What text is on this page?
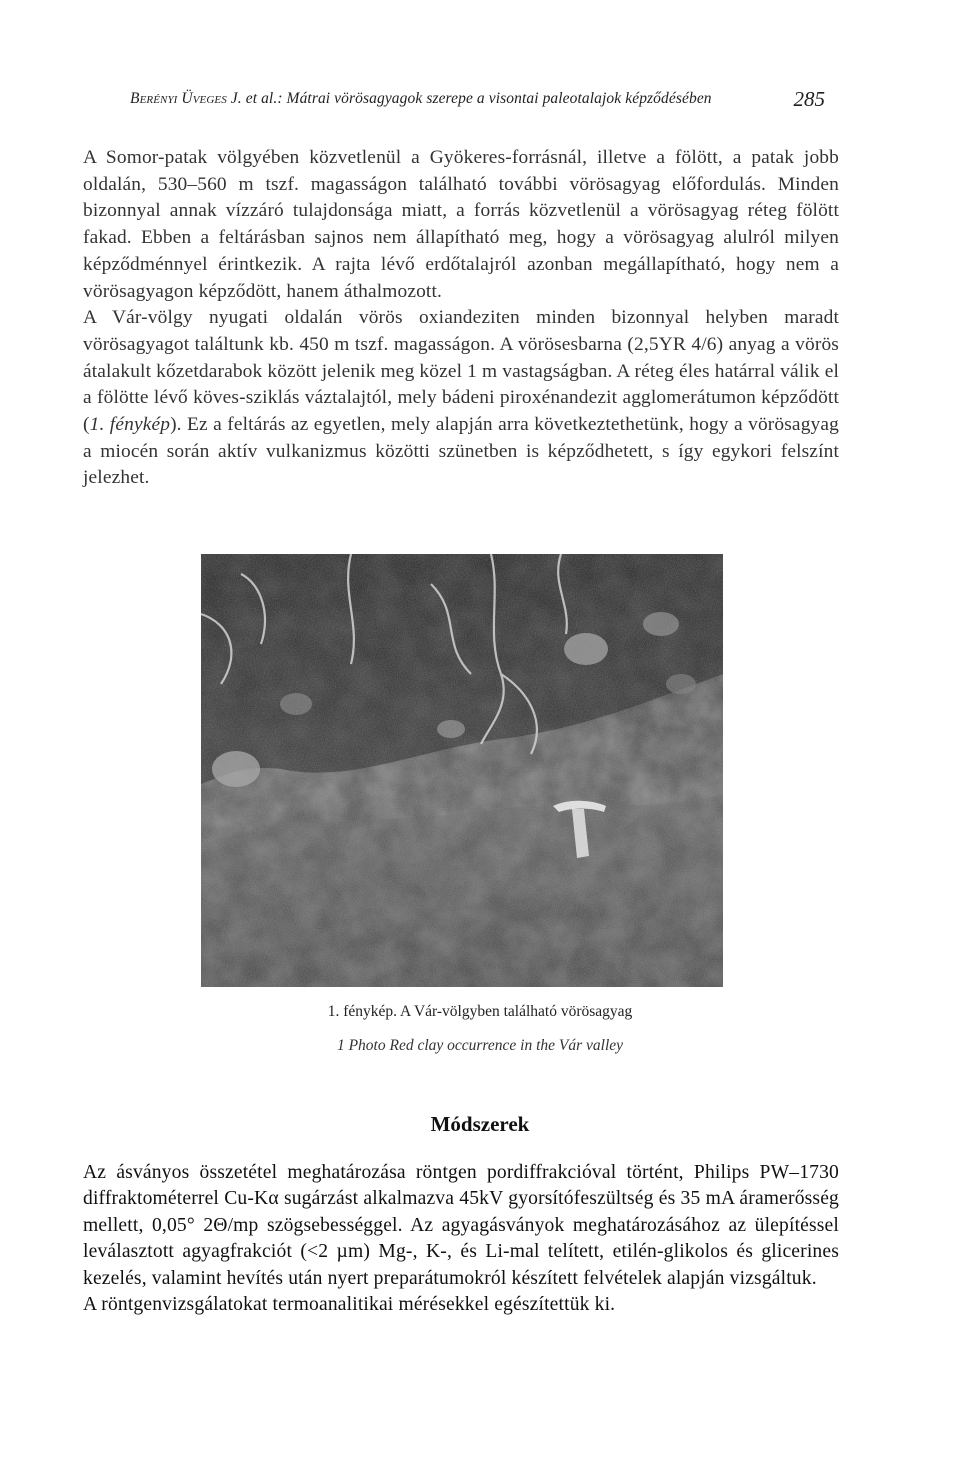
Berényi Üveges J. et al.: Mátrai vörösagyagok szerepe a visontai paleotalajok képződésében	285

A Somor-patak völgyében közvetlenül a Gyökeres-forrásnál, illetve a fölött, a patak jobb oldalán, 530–560 m tszf. magasságon található további vörösagyag előfordulás. Minden bizonnyal annak vízzáró tulajdonsága miatt, a forrás közvetlenül a vörösagyag réteg fölött fakad. Ebben a feltárásban sajnos nem állapítható meg, hogy a vörösagyag alulról milyen képződménnyel érintkezik. A rajta lévő erdőtalajról azonban megállapítható, hogy nem a vörösagyagon képződött, hanem áthalmozott.

A Vár-völgy nyugati oldalán vörös oxiandeziten minden bizonnyal helyben maradt vörösagyagot találtunk kb. 450 m tszf. magasságon. A vörösesbarna (2,5YR 4/6) anyag a vörös átalakult kőzetdarabok között jelenik meg közel 1 m vastagságban. A réteg éles határral válik el a fölötte lévő köves-sziklás váztalajtól, mely bádeni piroxénandezit agglomerátumon képződött (1. fénykép). Ez a feltárás az egyetlen, mely alapján arra következtethetünk, hogy a vörösagyag a miocén során aktív vulkanizmus közötti szünetben is képződhetett, s így egykori felszínt jelezhet.

1. fénykép. A Vár-völgyben található vörösagyag
1 Photo Red clay occurrence in the Vár valley
Módszerek

Az ásványos összetétel meghatározása röntgen pordiffrakcióval történt, Philips PW–1730 diffraktométerrel Cu-Kα sugárzást alkalmazva 45kV gyorsítófeszültség és 35 mA áramerősség mellett, 0,05° 2Θ/mp szögsebességgel. Az agyagásványok meghatározásához az ülepítéssel leválasztott agyagfrakciót (<2 µm) Mg-, K-, és Li-mal telített, etilén-glikolos és glicerines kezelés, valamint hevítés után nyert preparátumokról készített felvételek alapján vizsgáltuk.

A röntgenvizsgálatokat termoanalitikai mérésekkel egészítettük ki.
